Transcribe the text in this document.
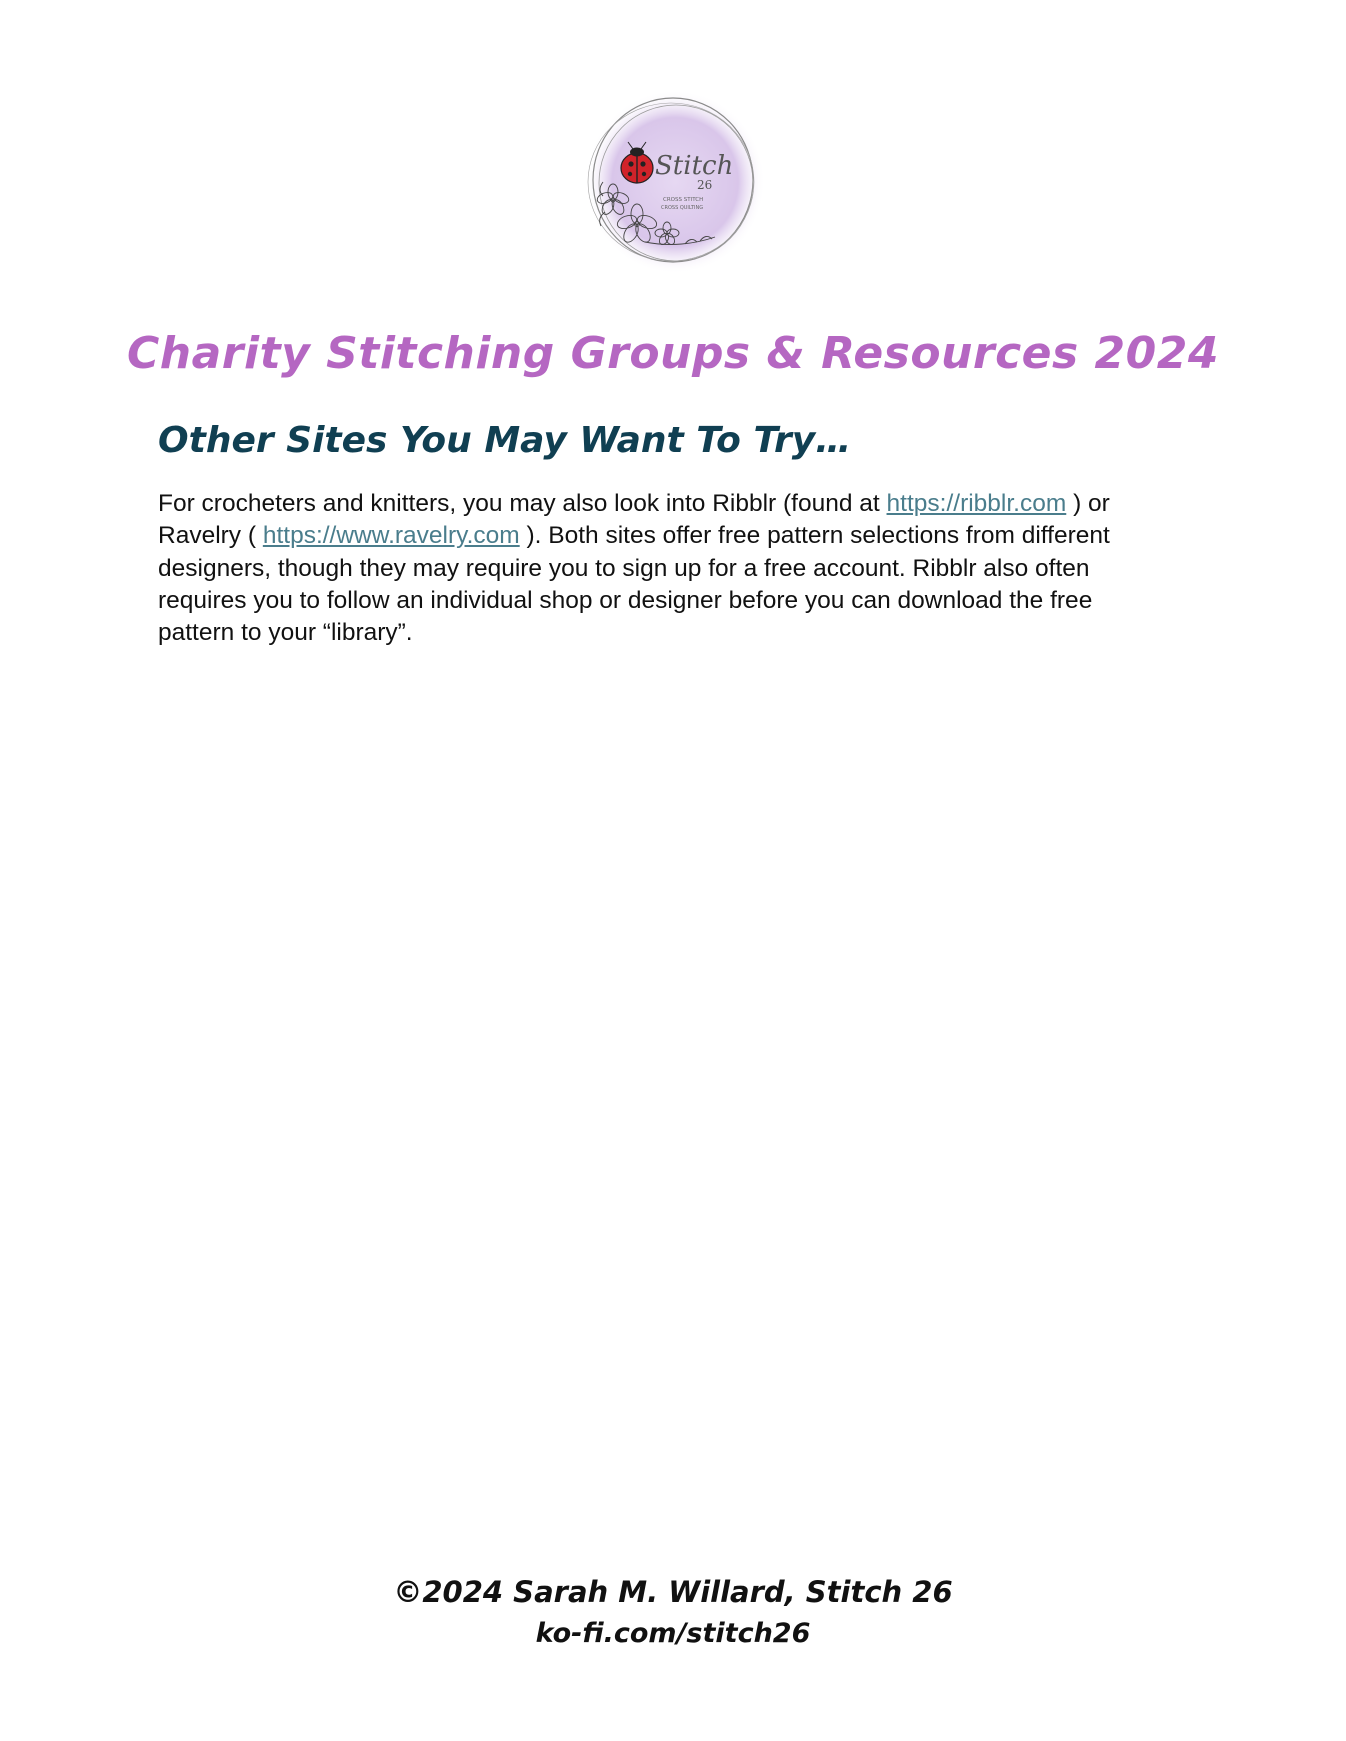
Stitch
26
CROSS STITCH
CROSS QUILTING
Charity Stitching Groups & Resources 2024
Other Sites You May Want To Try…

For crocheters and knitters, you may also look into Ribblr (found at https://ribblr.com ) or Ravelry ( https://www.ravelry.com ). Both sites offer free pattern selections from different designers, though they may require you to sign up for a free account. Ribblr also often requires you to follow an individual shop or designer before you can download the free pattern to your “library”.

©2024 Sarah M. Willard, Stitch 26

ko-fi.com/stitch26
